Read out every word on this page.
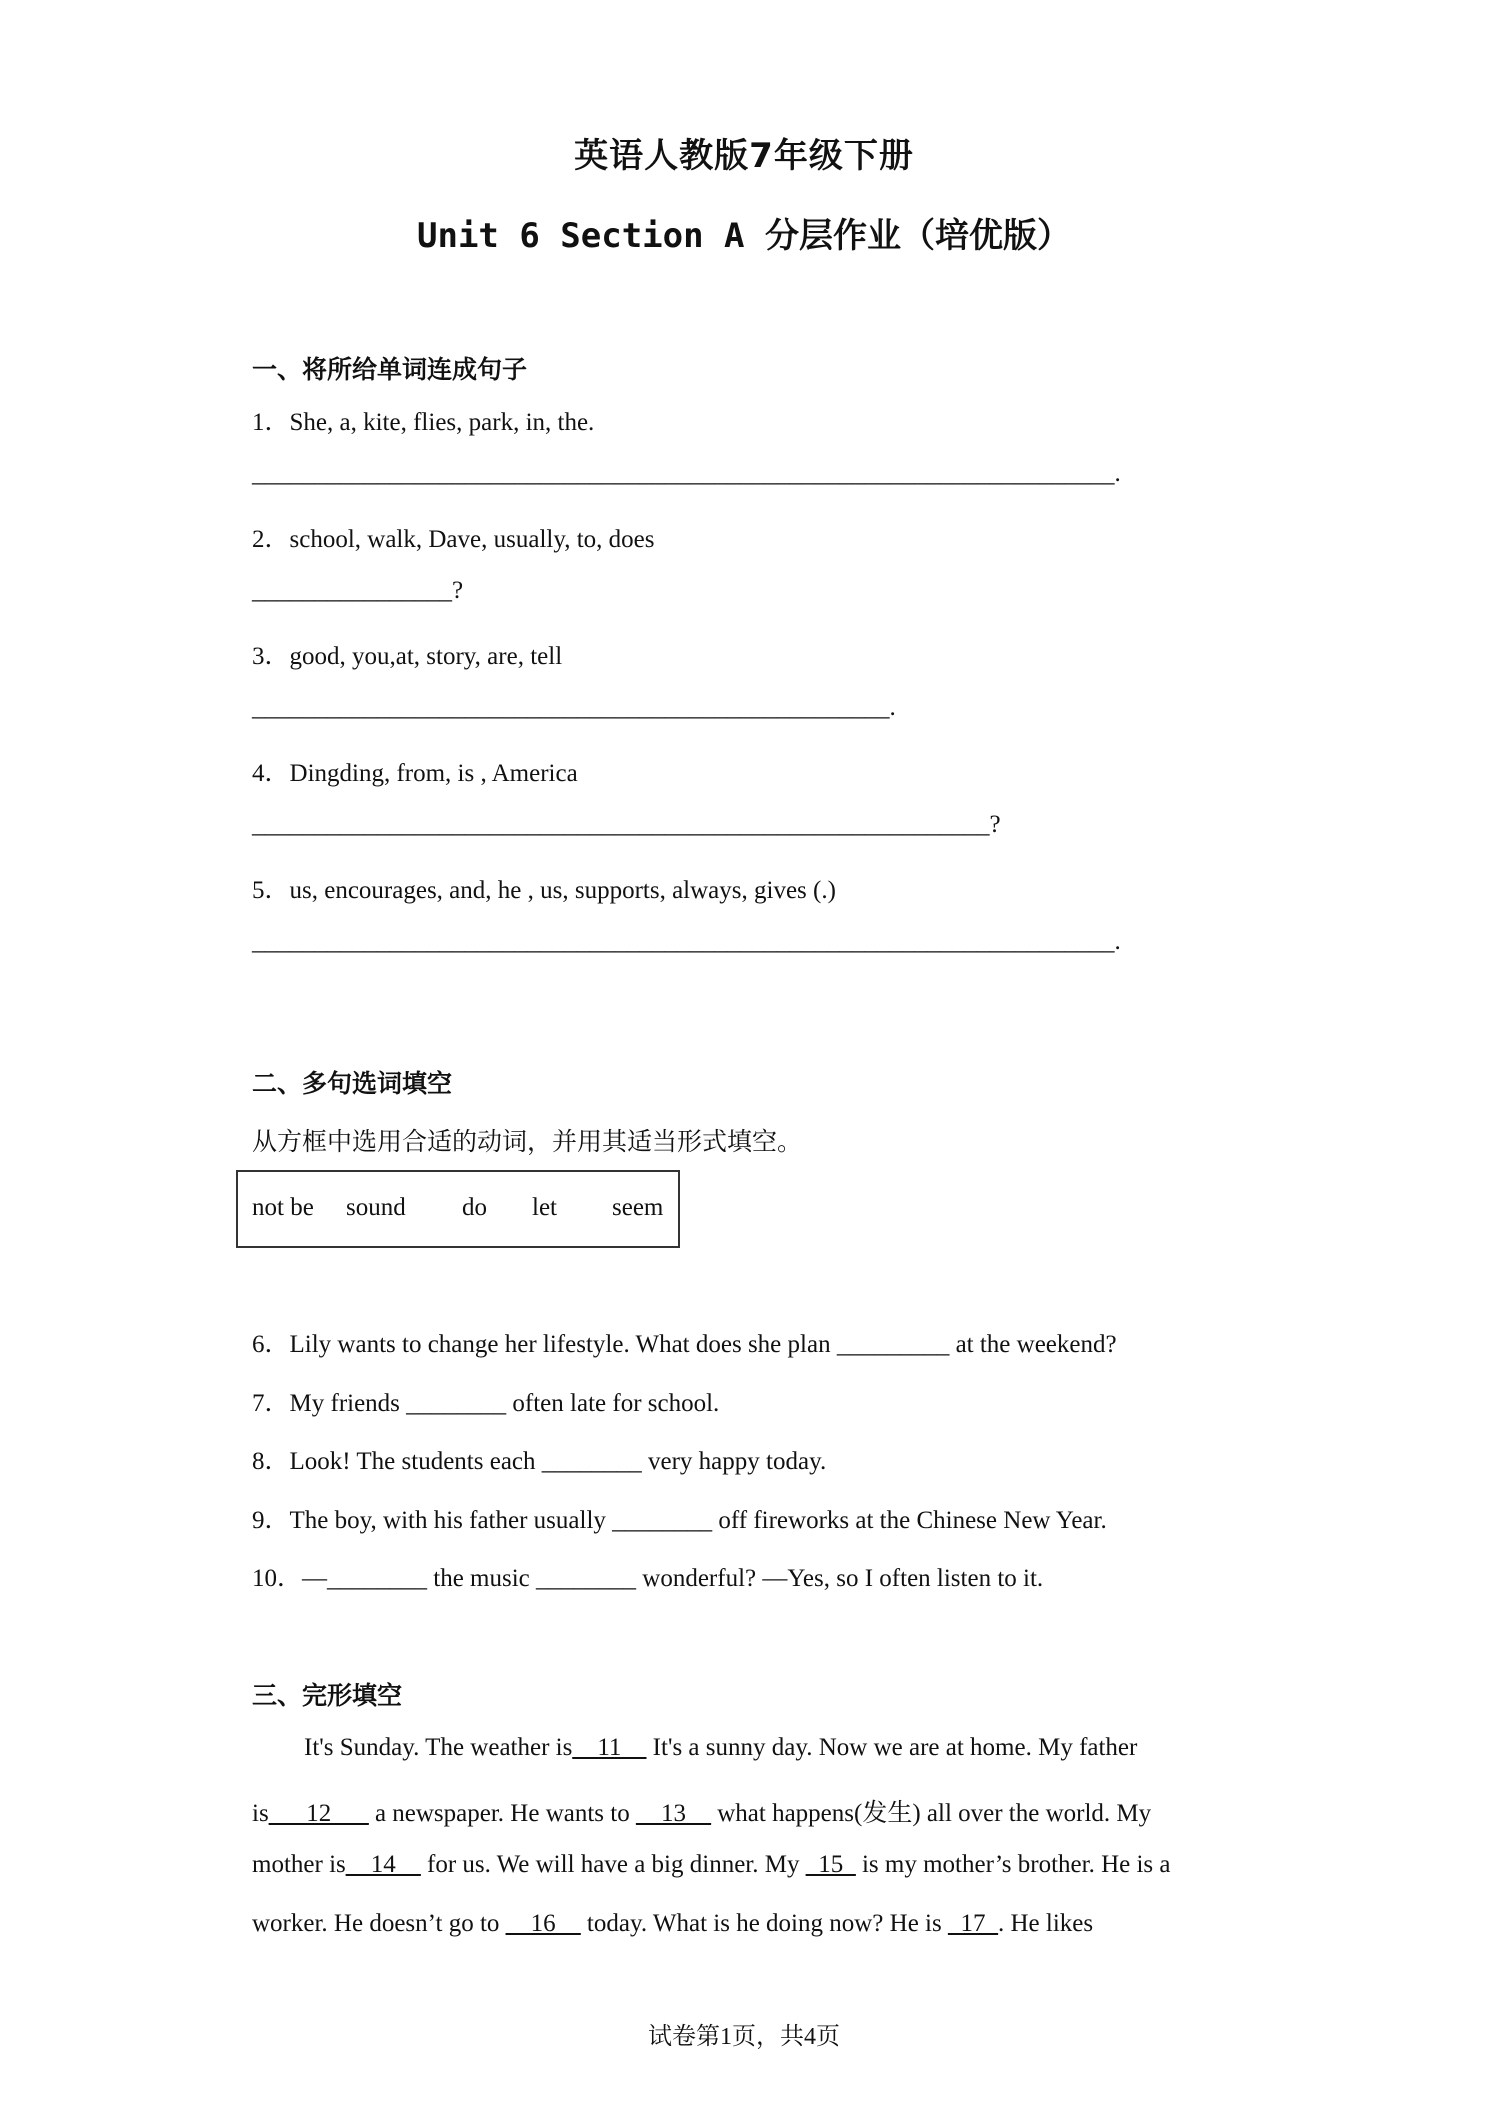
英语人教版7年级下册
Unit 6 Section A 分层作业（培优版）
一、将所给单词连成句子
1．She, a, kite, flies, park, in, the.
_____________________________________________________________________.
2．school, walk, Dave, usually, to, does
________________?
3．good, you,at, story, are, tell
___________________________________________________.
4．Dingding, from, is , America
___________________________________________________________?
5．us, encourages, and, he , us, supports, always, gives (.)
_____________________________________________________________________.
二、多句选词填空
从方框中选用合适的动词，并用其适当形式填空。
not be sound do let seem
6．Lily wants to change her lifestyle. What does she plan _________ at the weekend?
7．My friends ________ often late for school.
8．Look! The students each ________ very happy today.
9．The boy, with his father usually ________ off fireworks at the Chinese New Year.
10．—________ the music ________ wonderful? —Yes, so I often listen to it.
三、完形填空
It's Sunday. The weather is__11__ It's a sunny day. Now we are at home. My father
is___12___ a newspaper. He wants to __13__ what happens(发生) all over the world. My
mother is__14__ for us. We will have a big dinner. My _15_ is my mother’s brother. He is a
worker. He doesn’t go to __16__ today. What is he doing now? He is _17_. He likes
试卷第1页，共4页
